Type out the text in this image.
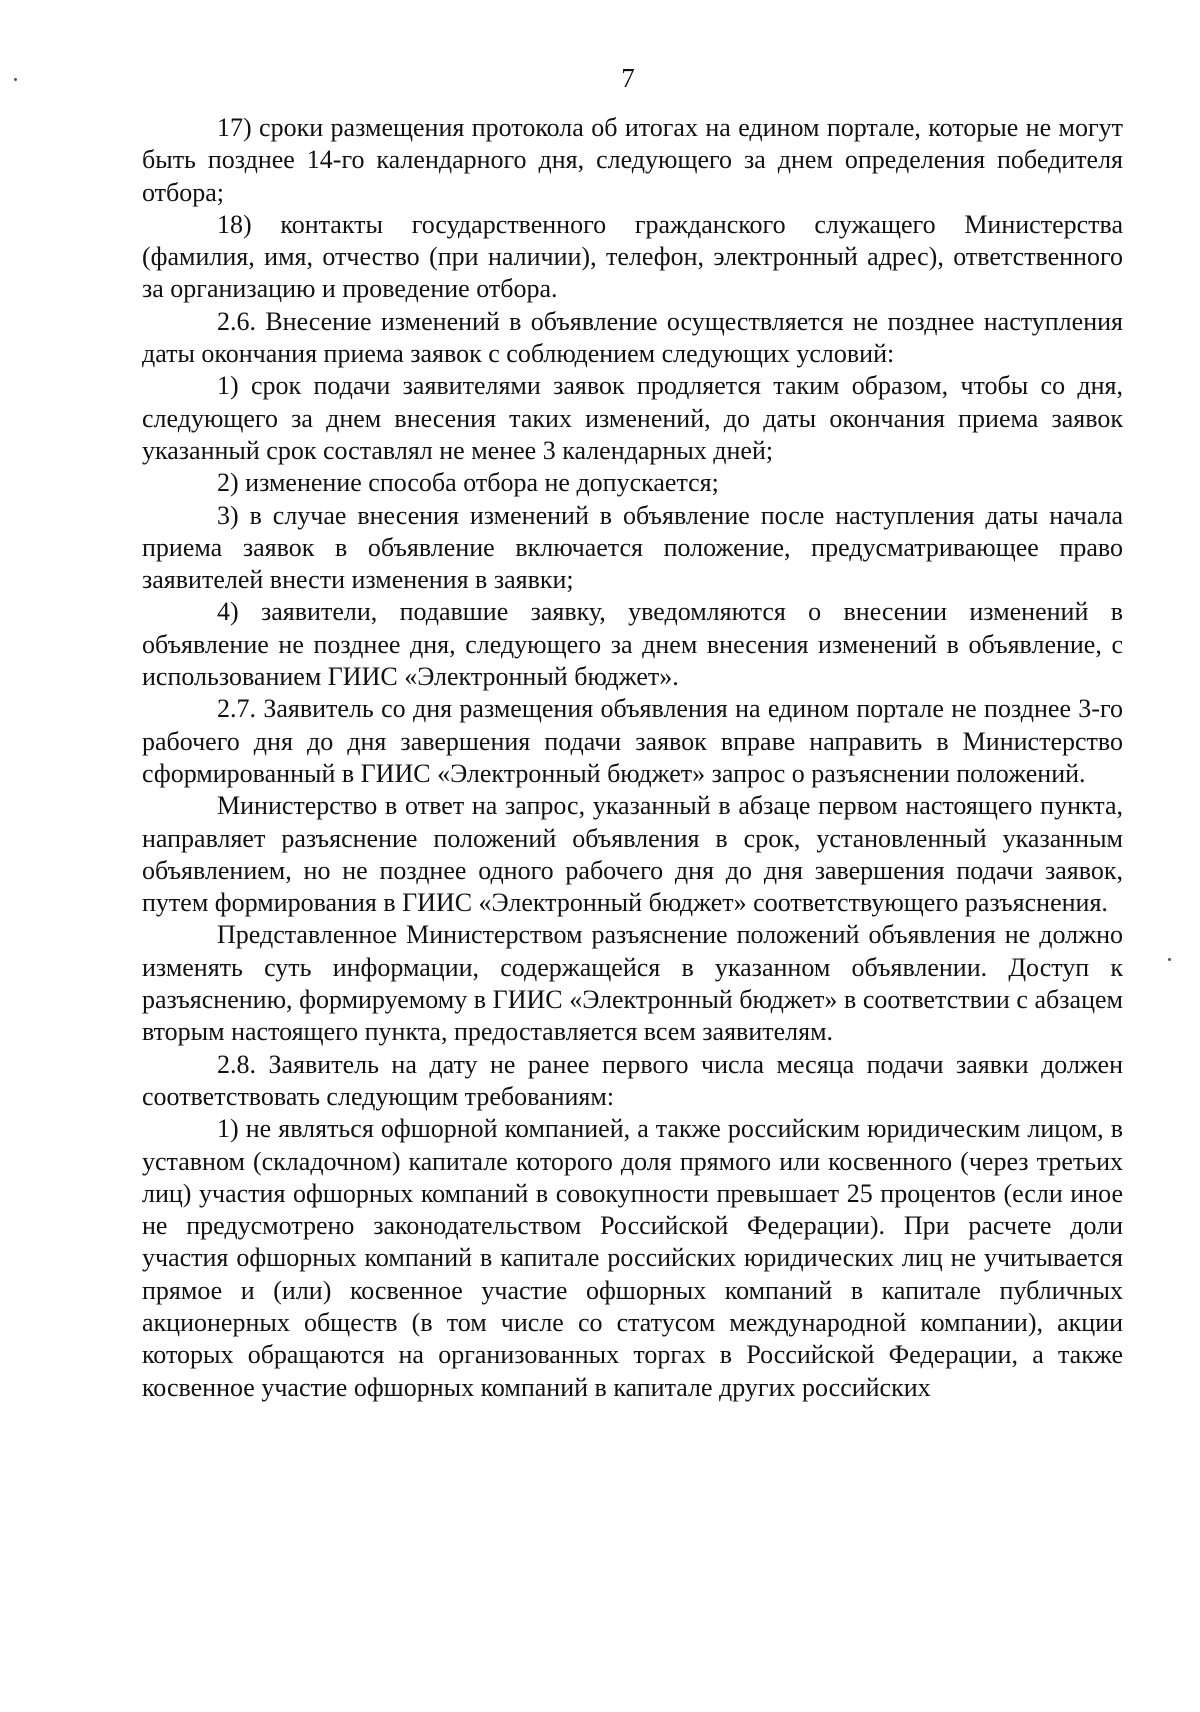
7

17) сроки размещения протокола об итогах на едином портале, которые не могут быть позднее 14-го календарного дня, следующего за днем определения победителя отбора;

18) контакты государственного гражданского служащего Министерства (фамилия, имя, отчество (при наличии), телефон, электронный адрес), ответственного за организацию и проведение отбора.

2.6. Внесение изменений в объявление осуществляется не позднее наступления даты окончания приема заявок с соблюдением следующих условий:

1) срок подачи заявителями заявок продляется таким образом, чтобы со дня, следующего за днем внесения таких изменений, до даты окончания приема заявок указанный срок составлял не менее 3 календарных дней;

2) изменение способа отбора не допускается;

3) в случае внесения изменений в объявление после наступления даты начала приема заявок в объявление включается положение, предусматривающее право заявителей внести изменения в заявки;

4) заявители, подавшие заявку, уведомляются о внесении изменений в объявление не позднее дня, следующего за днем внесения изменений в объявление, с использованием ГИИС «Электронный бюджет».

2.7. Заявитель со дня размещения объявления на едином портале не позднее 3-го рабочего дня до дня завершения подачи заявок вправе направить в Министерство сформированный в ГИИС «Электронный бюджет» запрос о разъяснении положений.

Министерство в ответ на запрос, указанный в абзаце первом настоящего пункта, направляет разъяснение положений объявления в срок, установленный указанным объявлением, но не позднее одного рабочего дня до дня завершения подачи заявок, путем формирования в ГИИС «Электронный бюджет» соответствующего разъяснения.

Представленное Министерством разъяснение положений объявления не должно изменять суть информации, содержащейся в указанном объявлении. Доступ к разъяснению, формируемому в ГИИС «Электронный бюджет» в соответствии с абзацем вторым настоящего пункта, предоставляется всем заявителям.

2.8. Заявитель на дату не ранее первого числа месяца подачи заявки должен соответствовать следующим требованиям:

1) не являться офшорной компанией, а также российским юридическим лицом, в уставном (складочном) капитале которого доля прямого или косвенного (через третьих лиц) участия офшорных компаний в совокупности превышает 25 процентов (если иное не предусмотрено законодательством Российской Федерации). При расчете доли участия офшорных компаний в капитале российских юридических лиц не учитывается прямое и (или) косвенное участие офшорных компаний в капитале публичных акционерных обществ (в том числе со статусом международной компании), акции которых обращаются на организованных торгах в Российской Федерации, а также косвенное участие офшорных компаний в капитале других российских
